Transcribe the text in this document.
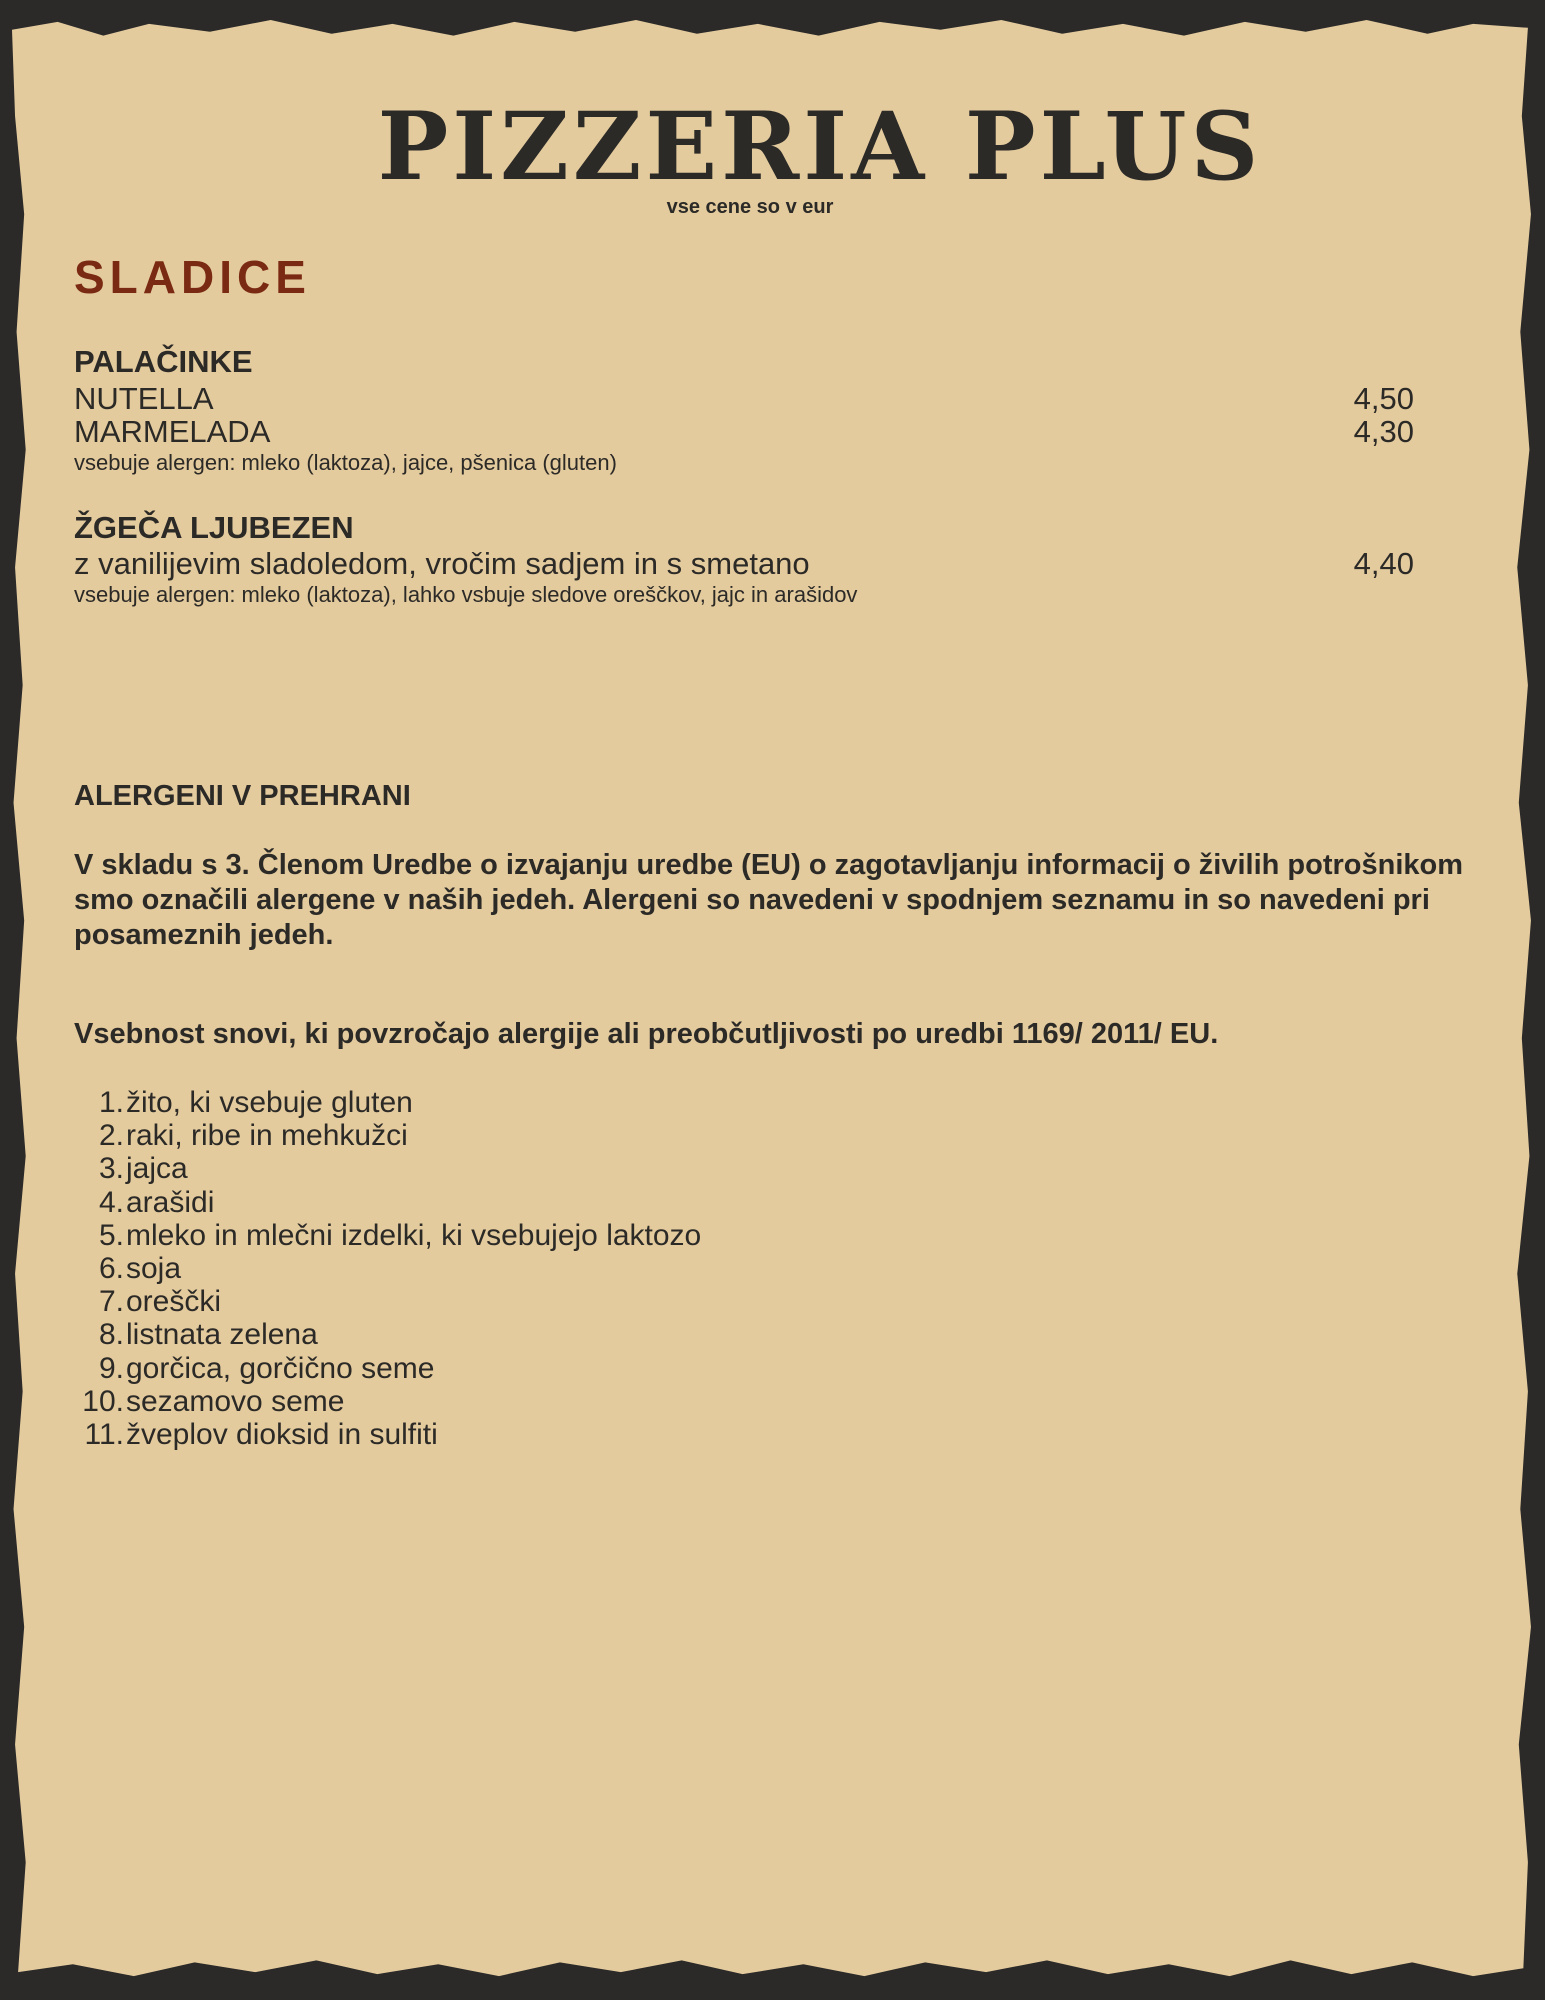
PIZZERIA PLUS
vse cene so v eur
SLADICE
PALAČINKE
NUTELLA	4,50
MARMELADA	4,30
vsebuje alergen: mleko (laktoza), jajce, pšenica (gluten)
ŽGEČA LJUBEZEN
z vanilijevim sladoledom, vročim sadjem in s smetano	4,40
vsebuje alergen: mleko (laktoza), lahko vsbuje sledove oreščkov, jajc in arašidov
ALERGENI V PREHRANI
V skladu s 3. Členom Uredbe o izvajanju uredbe (EU) o zagotavljanju informacij o živilih potrošnikom smo označili alergene v naših jedeh. Alergeni so navedeni v spodnjem seznamu in so navedeni pri posameznih jedeh.
Vsebnost snovi, ki povzročajo alergije ali preobčutljivosti po uredbi 1169/ 2011/ EU.
1. žito, ki vsebuje gluten
2. raki, ribe in mehkužci
3. jajca
4. arašidi
5. mleko in mlečni izdelki, ki vsebujejo laktozo
6. soja
7. oreščki
8. listnata zelena
9. gorčica, gorčično seme
10. sezamovo seme
11. žveplov dioksid in sulfiti
